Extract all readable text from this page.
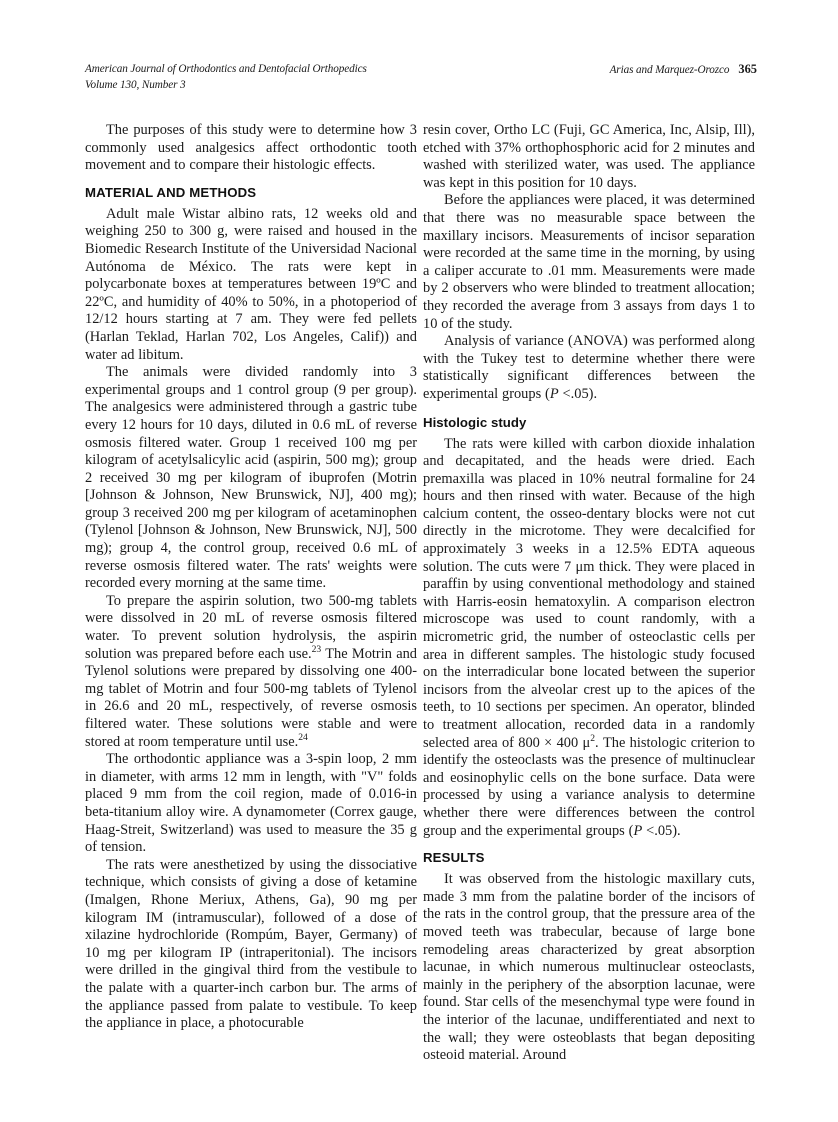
American Journal of Orthodontics and Dentofacial Orthopedics
Volume 130, Number 3
Arias and Marquez-Orozco 365

The purposes of this study were to determine how 3 commonly used analgesics affect orthodontic tooth movement and to compare their histologic effects.

MATERIAL AND METHODS

Adult male Wistar albino rats, 12 weeks old and weighing 250 to 300 g, were raised and housed in the Biomedic Research Institute of the Universidad Nacional Autónoma de México. The rats were kept in polycarbonate boxes at temperatures between 19ºC and 22ºC, and humidity of 40% to 50%, in a photoperiod of 12/12 hours starting at 7 am. They were fed pellets (Harlan Teklad, Harlan 702, Los Angeles, Calif)) and water ad libitum.

The animals were divided randomly into 3 experimental groups and 1 control group (9 per group). The analgesics were administered through a gastric tube every 12 hours for 10 days, diluted in 0.6 mL of reverse osmosis filtered water. Group 1 received 100 mg per kilogram of acetylsalicylic acid (aspirin, 500 mg); group 2 received 30 mg per kilogram of ibuprofen (Motrin [Johnson & Johnson, New Brunswick, NJ], 400 mg); group 3 received 200 mg per kilogram of acetaminophen (Tylenol [Johnson & Johnson, New Brunswick, NJ], 500 mg); group 4, the control group, received 0.6 mL of reverse osmosis filtered water. The rats' weights were recorded every morning at the same time.

To prepare the aspirin solution, two 500-mg tablets were dissolved in 20 mL of reverse osmosis filtered water. To prevent solution hydrolysis, the aspirin solution was prepared before each use.$^{23}$ The Motrin and Tylenol solutions were prepared by dissolving one 400-mg tablet of Motrin and four 500-mg tablets of Tylenol in 26.6 and 20 mL, respectively, of reverse osmosis filtered water. These solutions were stable and were stored at room temperature until use.$^{24}$

The orthodontic appliance was a 3-spin loop, 2 mm in diameter, with arms 12 mm in length, with "V" folds placed 9 mm from the coil region, made of 0.016-in beta-titanium alloy wire. A dynamometer (Correx gauge, Haag-Streit, Switzerland) was used to measure the 35 g of tension.

The rats were anesthetized by using the dissociative technique, which consists of giving a dose of ketamine (Imalgen, Rhone Meriux, Athens, Ga), 90 mg per kilogram IM (intramuscular), followed of a dose of xilazine hydrochloride (Rompúm, Bayer, Germany) of 10 mg per kilogram IP (intraperitonial). The incisors were drilled in the gingival third from the vestibule to the palate with a quarter-inch carbon bur. The arms of the appliance passed from palate to vestibule. To keep the appliance in place, a photocurable

resin cover, Ortho LC (Fuji, GC America, Inc, Alsip, Ill), etched with 37% orthophosphoric acid for 2 minutes and washed with sterilized water, was used. The appliance was kept in this position for 10 days.

Before the appliances were placed, it was determined that there was no measurable space between the maxillary incisors. Measurements of incisor separation were recorded at the same time in the morning, by using a caliper accurate to .01 mm. Measurements were made by 2 observers who were blinded to treatment allocation; they recorded the average from 3 assays from days 1 to 10 of the study.

Analysis of variance (ANOVA) was performed along with the Tukey test to determine whether there were statistically significant differences between the experimental groups (P <.05).

Histologic study

The rats were killed with carbon dioxide inhalation and decapitated, and the heads were dried. Each premaxilla was placed in 10% neutral formaline for 24 hours and then rinsed with water. Because of the high calcium content, the osseo-dentary blocks were not cut directly in the microtome. They were decalcified for approximately 3 weeks in a 12.5% EDTA aqueous solution. The cuts were 7 μm thick. They were placed in paraffin by using conventional methodology and stained with Harris-eosin hematoxylin. A comparison electron microscope was used to count randomly, with a micrometric grid, the number of osteoclastic cells per area in different samples. The histologic study focused on the interradicular bone located between the superior incisors from the alveolar crest up to the apices of the teeth, to 10 sections per specimen. An operator, blinded to treatment allocation, recorded data in a randomly selected area of 800 × 400 μ$^2$. The histologic criterion to identify the osteoclasts was the presence of multinuclear and eosinophylic cells on the bone surface. Data were processed by using a variance analysis to determine whether there were differences between the control group and the experimental groups (P <.05).

RESULTS

It was observed from the histologic maxillary cuts, made 3 mm from the palatine border of the incisors of the rats in the control group, that the pressure area of the moved teeth was trabecular, because of large bone remodeling areas characterized by great absorption lacunae, in which numerous multinuclear osteoclasts, mainly in the periphery of the absorption lacunae, were found. Star cells of the mesenchymal type were found in the interior of the lacunae, undifferentiated and next to the wall; they were osteoblasts that began depositing osteoid material. Around
